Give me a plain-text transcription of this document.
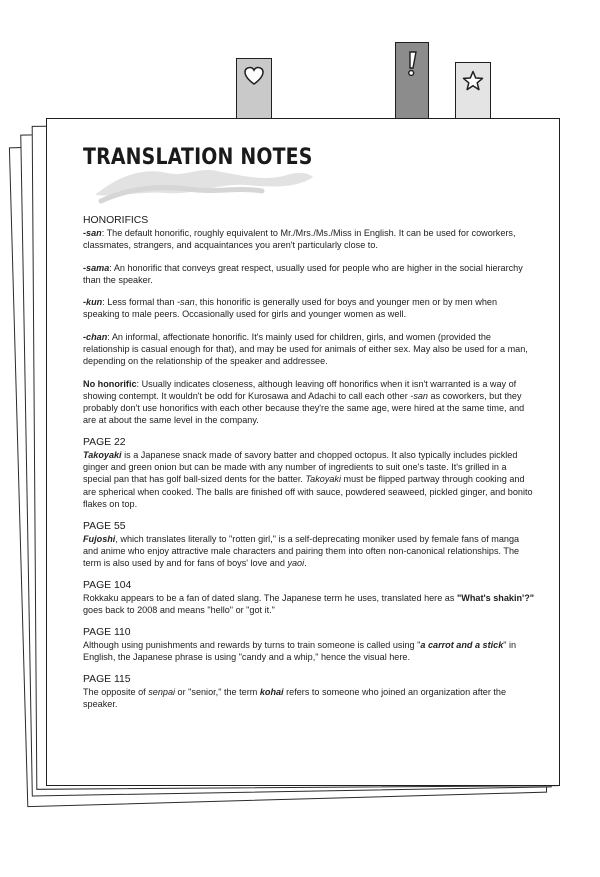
TRANSLATION NOTES
HONORIFICS

-san: The default honorific, roughly equivalent to Mr./Mrs./Ms./Miss in English. It can be used for coworkers, classmates, strangers, and acquaintances you aren't particularly close to.

-sama: An honorific that conveys great respect, usually used for people who are higher in the social hierarchy than the speaker.

-kun: Less formal than -san, this honorific is generally used for boys and younger men or by men when speaking to male peers. Occasionally used for girls and younger women as well.

-chan: An informal, affectionate honorific. It's mainly used for children, girls, and women (provided the relationship is casual enough for that), and may be used for animals of either sex. May also be used for a man, depending on the relationship of the speaker and addressee.

No honorific: Usually indicates closeness, although leaving off honorifics when it isn't warranted is a way of showing contempt. It wouldn't be odd for Kurosawa and Adachi to call each other -san as coworkers, but they probably don't use honorifics with each other because they're the same age, were hired at the same time, and are at about the same level in the company.

PAGE 22

Takoyaki is a Japanese snack made of savory batter and chopped octopus. It also typically includes pickled ginger and green onion but can be made with any number of ingredients to suit one's taste. It's grilled in a special pan that has golf ball-sized dents for the batter. Takoyaki must be flipped partway through cooking and are spherical when cooked. The balls are finished off with sauce, powdered seaweed, pickled ginger, and bonito flakes on top.

PAGE 55

Fujoshi, which translates literally to "rotten girl," is a self-deprecating moniker used by female fans of manga and anime who enjoy attractive male characters and pairing them into often non-canonical relationships. The term is also used by and for fans of boys' love and yaoi.

PAGE 104

Rokkaku appears to be a fan of dated slang. The Japanese term he uses, translated here as "What's shakin'?" goes back to 2008 and means "hello" or "got it."

PAGE 110

Although using punishments and rewards by turns to train someone is called using "a carrot and a stick" in English, the Japanese phrase is using "candy and a whip," hence the visual here.

PAGE 115

The opposite of senpai or "senior," the term kohai refers to someone who joined an organization after the speaker.
